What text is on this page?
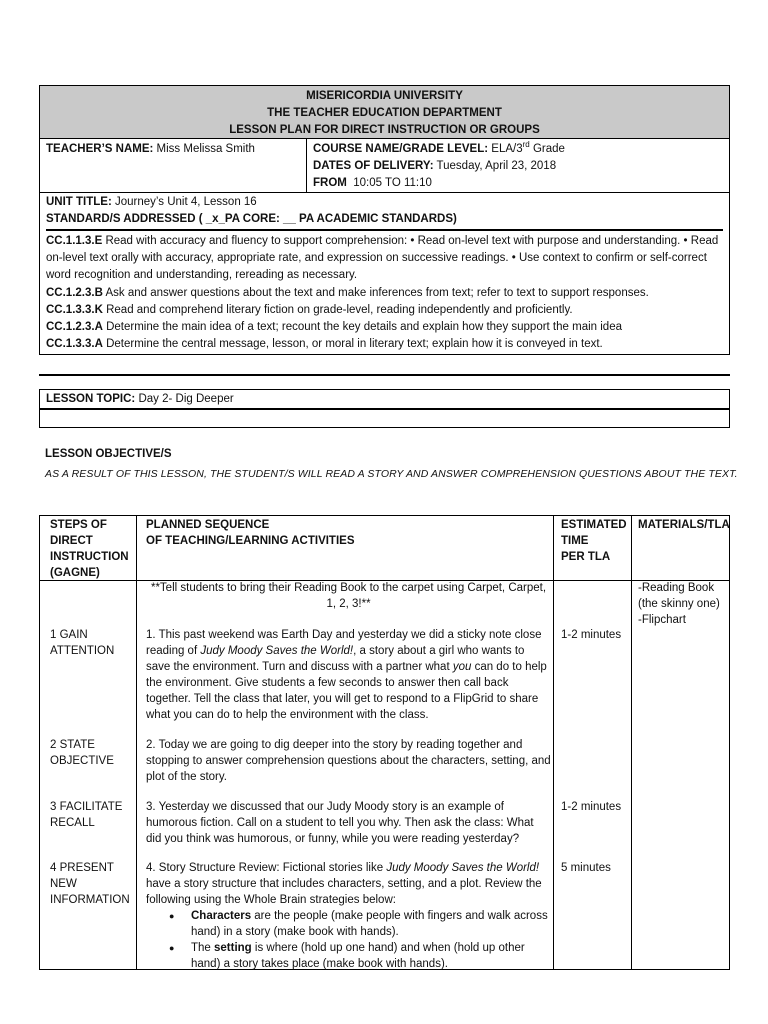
MISERICORDIA UNIVERSITY
THE TEACHER EDUCATION DEPARTMENT
LESSON PLAN FOR DIRECT INSTRUCTION OR GROUPS
TEACHER’S NAME: Miss Melissa Smith	COURSE NAME/GRADE LEVEL: ELA/3rd Grade
DATES OF DELIVERY: Tuesday, April 23, 2018
FROM 10:05 TO 11:10
UNIT TITLE: Journey’s Unit 4, Lesson 16
STANDARD/S ADDRESSED ( _x_PA CORE: __ PA ACADEMIC STANDARDS)
CC.1.1.3.E Read with accuracy and fluency to support comprehension: • Read on-level text with purpose and understanding. • Read on-level text orally with accuracy, appropriate rate, and expression on successive readings. • Use context to confirm or self-correct word recognition and understanding, rereading as necessary.
CC.1.2.3.B Ask and answer questions about the text and make inferences from text; refer to text to support responses.
CC.1.3.3.K Read and comprehend literary fiction on grade-level, reading independently and proficiently.
CC.1.2.3.A Determine the main idea of a text; recount the key details and explain how they support the main idea
CC.1.3.3.A Determine the central message, lesson, or moral in literary text; explain how it is conveyed in text.
LESSON TOPIC: Day 2- Dig Deeper
LESSON OBJECTIVE/S
AS A RESULT OF THIS LESSON, THE STUDENT/S WILL READ A STORY AND ANSWER COMPREHENSION QUESTIONS ABOUT THE TEXT.
STEPS OF
DIRECT
INSTRUCTION
(GAGNE)
PLANNED SEQUENCE
OF TEACHING/LEARNING ACTIVITIES
ESTIMATED
TIME
PER TLA
MATERIALS/TLA
**Tell students to bring their Reading Book to the carpet using Carpet, Carpet, 1, 2, 3!**
-Reading Book (the skinny one)
-Flipchart
1 GAIN
ATTENTION
1. This past weekend was Earth Day and yesterday we did a sticky note close reading of Judy Moody Saves the World!, a story about a girl who wants to save the environment. Turn and discuss with a partner what you can do to help the environment. Give students a few seconds to answer then call back together. Tell the class that later, you will get to respond to a FlipGrid to share what you can do to help the environment with the class.
1-2 minutes
2 STATE
OBJECTIVE
2. Today we are going to dig deeper into the story by reading together and stopping to answer comprehension questions about the characters, setting, and plot of the story.
3 FACILITATE
RECALL
3. Yesterday we discussed that our Judy Moody story is an example of humorous fiction. Call on a student to tell you why. Then ask the class: What did you think was humorous, or funny, while you were reading yesterday?
1-2 minutes
4 PRESENT
NEW
INFORMATION
4. Story Structure Review: Fictional stories like Judy Moody Saves the World! have a story structure that includes characters, setting, and a plot. Review the following using the Whole Brain strategies below:
● Characters are the people (make people with fingers and walk across hand) in a story (make book with hands).
● The setting is where (hold up one hand) and when (hold up other hand) a story takes place (make book with hands).
5 minutes
